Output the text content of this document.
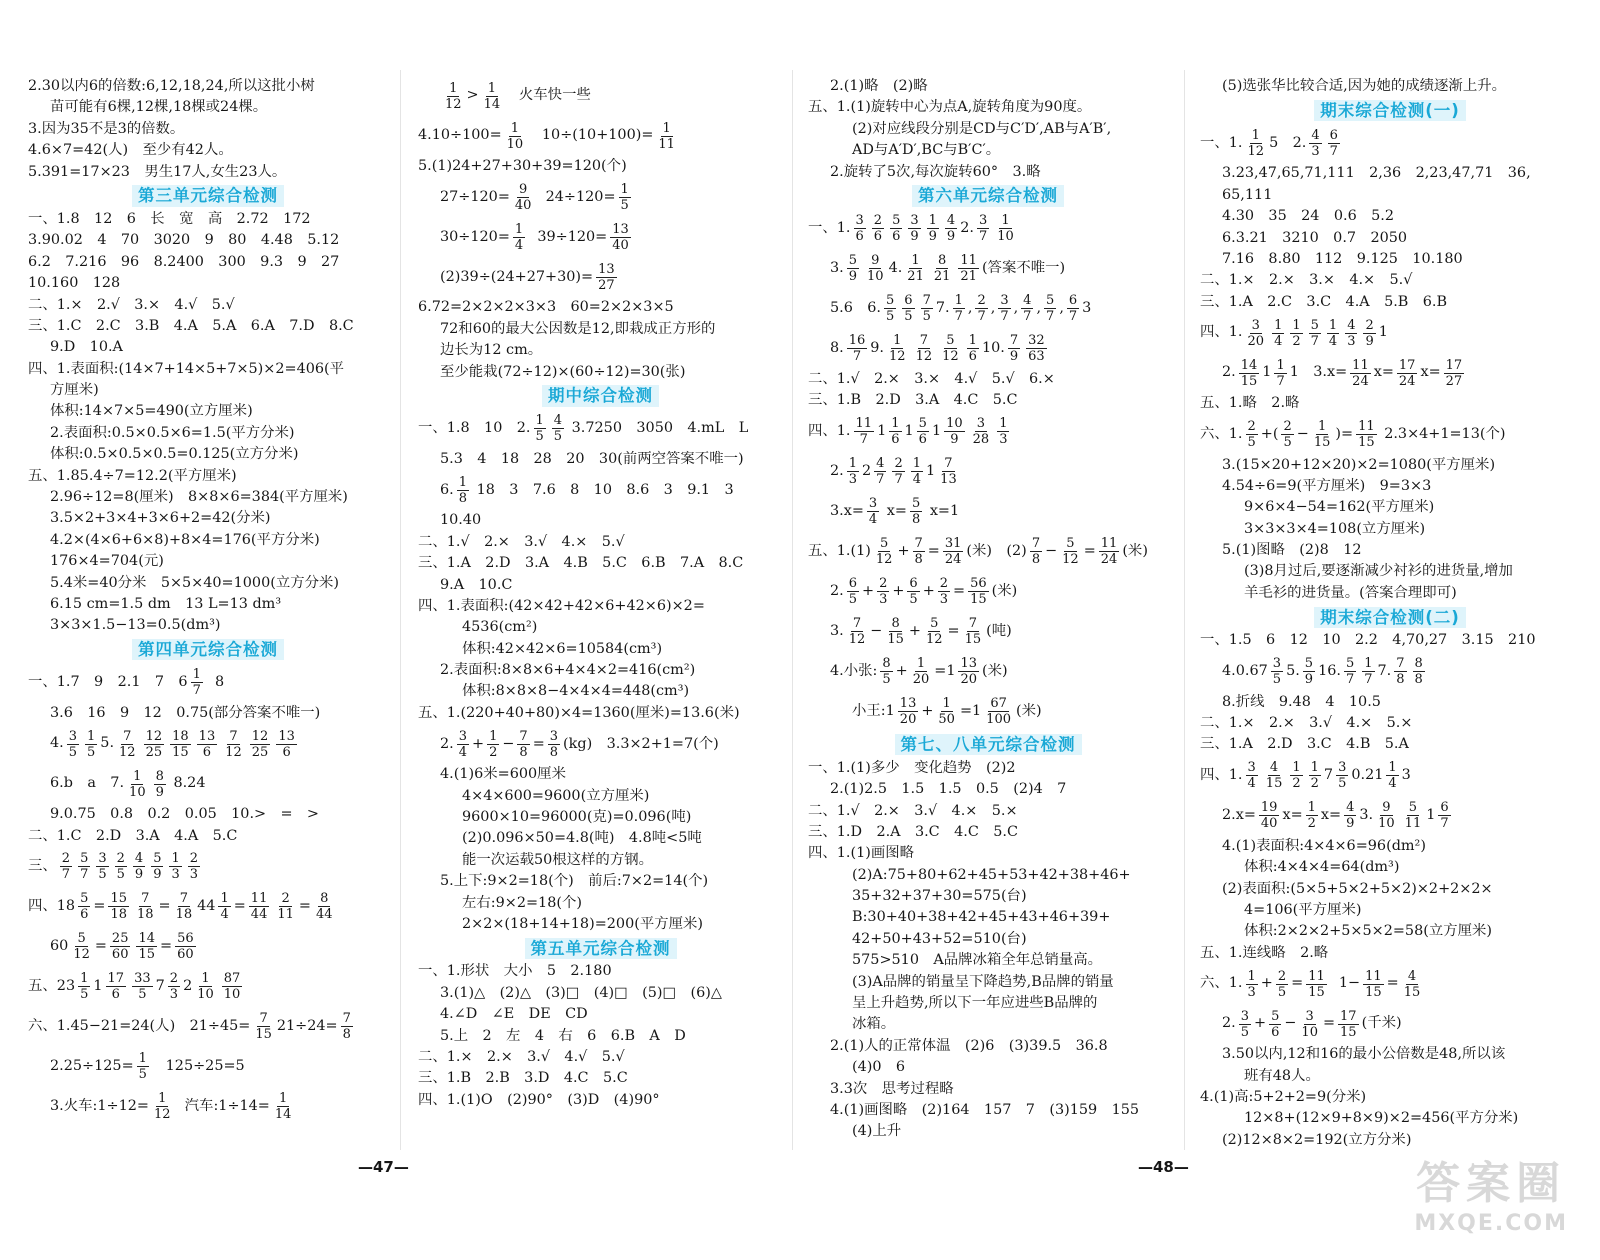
2.30以内6的倍数:6,12,18,24,所以这批小树
苗可能有6棵,12棵,18棵或24棵。
3.因为35不是3的倍数。
4.6×7=42(人)　至少有42人。
5.391=17×23　男生17人,女生23人。
第三单元综合检测
一、1.8　12　6　长　宽　高　2.72　172
3.90.02　4　70　3020　9　80　4.48　5.12
6.2　7.216　96　8.2400　300　9.3　9　27
10.160　128
二、1.×　2.√　3.×　4.√　5.√
三、1.C　2.C　3.B　4.A　5.A　6.A　7.D　8.C
9.D　10.A
四、1.表面积:(14×7+14×5+7×5)×2=406(平
方厘米)
体积:14×7×5=490(立方厘米)
2.表面积:0.5×0.5×6=1.5(平方分米)
体积:0.5×0.5×0.5=0.125(立方分米)
五、1.85.4÷7=12.2(平方厘米)
2.96÷12=8(厘米)　8×8×6=384(平方厘米)
3.5×2+3×4+3×6+2=42(分米)
4.2×(4×6+6×8)+8×4=176(平方分米)
176×4=704(元)
5.4米=40分米　5×5×40=1000(立方分米)
6.15 cm=1.5 dm　13 L=13 dm³
3×3×1.5−13=0.5(dm³)
第四单元综合检测
一、1.7　9　2.1　7　$6 \frac{1}{7}$
8
3.6　16　9　12　0.75(部分答案不唯一)
4. $\frac{3}{5} \frac{1}{5} 5$. $\frac{7}{12} \frac{12}{25} \frac{18}{15} \frac{13}{6} \frac{7}{12} \frac{12}{25} \frac{13}{6}$
6.b　a　7. $\frac{1}{10} \frac{8}{9}$
8.24
9.0.75　0.8　0.2　0.05　10.>　=　>
二、1.C　2.D　3.A　4.A　5.C
三、 $\frac{2}{7} \frac{5}{7} \frac{3}{5} \frac{2}{5} \frac{4}{9} \frac{5}{9} \frac{1}{3} \frac{2}{3}$
四、$18 \frac{5}{6} = \frac{15}{18} \frac{7}{18} = \frac{7}{18} 44 \frac{1}{4} = \frac{11}{44} \frac{2}{11} = \frac{8}{44}$
$60 \frac{5}{12} = \frac{25}{60} \frac{14}{15} = \frac{56}{60}$
五、2 $3 \frac{1}{5} 1 \frac{17}{6} \frac{33}{5} 7 \frac{2}{3} 2 \frac{1}{10} \frac{87}{10}$
六、1.45−21=24(人)　$21\div 45= \frac{7}{15} 21\div 24= \frac{7}{8}$
$2.25\div 125= \frac{1}{5}$
125÷25=5
3.火车:1÷12= $\frac{1}{12}$
汽车:1÷14= $\frac{1}{14}$
$\frac{1}{12} > \frac{1}{14}$
火车快一些
$4.10\div 100= \frac{1}{10}$
$10\div(10+100)= \frac{1}{11}$
5.(1)24+27+30+39=120(个)
$27\div 120= \frac{9}{40}$
$24\div 120= \frac{1}{5}$
$30\div 120= \frac{1}{4}$
$39\div 120= \frac{13}{40}$
$(2)39\div(24+27+30)= \frac{13}{27}$
6.72=2×2×2×3×3　60=2×2×3×5
72和60的最大公因数是12,即栽成正方形的
边长为12 cm。
至少能栽(72÷12)×(60÷12)=30(张)
期中综合检测
一、1.8　10　2. $\frac{1}{5} \frac{4}{5}$
3.7250　3050　4.mL　L
5.3　4　18　28　20　30(前两空答案不唯一)
6. $\frac{1}{8}$
18　3　7.6　8　10　8.6　3　9.1　3
10.40
二、1.√　2.×　3.√　4.×　5.√
三、1.A　2.D　3.A　4.B　5.C　6.B　7.A　8.C
9.A　10.C
四、1.表面积:(42×42+42×6+42×6)×2=
4536(cm²)
体积:42×42×6=10584(cm³)
2.表面积:8×8×6+4×4×2=416(cm²)
体积:8×8×8−4×4×4=448(cm³)
五、1.(220+40+80)×4=1360(厘米)=13.6(米)
2. $\frac{3}{4} + \frac{1}{2} - \frac{7}{8} = \frac{3}{8} (kg)$　3.3×2+1=7(个)
4.(1)6米=600厘米
4×4×600=9600(立方厘米)
9600×10=96000(克)=0.096(吨)
(2)0.096×50=4.8(吨)　4.8吨<5吨
能一次运载50根这样的方钢。
5.上下:9×2=18(个)　前后:7×2=14(个)
左右:9×2=18(个)
2×2×(18+14+18)=200(平方厘米)
第五单元综合检测
一、1.形状　大小　5　2.180
3.(1)△　(2)△　(3)□　(4)□　(5)□　(6)△
4.∠D　∠E　DE　CD
5.上　2　左　4　右　6　6.B　A　D
二、1.×　2.×　3.√　4.√　5.√
三、1.B　2.B　3.D　4.C　5.C
四、1.(1)O　(2)90°　(3)D　(4)90°
2.(1)略　(2)略
五、1.(1)旋转中心为点A,旋转角度为90度。
(2)对应线段分别是CD与C′D′,AB与A′B′,
AD与A′D′,BC与B′C′。
2.旋转了5次,每次旋转60°　3.略
第六单元综合检测
一、1. $\frac{3}{6} \frac{2}{6} \frac{5}{6} \frac{3}{9} \frac{1}{9} \frac{4}{9} 2$. $\frac{3}{7} \frac{1}{10}$
3. $\frac{5}{9} \frac{9}{10} 4$. $\frac{1}{21} \frac{8}{21} \frac{11}{21}$ (答案不唯一)
5.6　6. $\frac{5}{5} \frac{6}{5} \frac{7}{5} 7$. $\frac{1}{7}$ , $\frac{2}{7}$ , $\frac{3}{7}$ , $\frac{4}{7}$ , $\frac{5}{7}$ , $\frac{6}{7} 3$
8. $\frac{16}{7} 9$. $\frac{1}{12} \frac{7}{12} \frac{5}{12} \frac{1}{6} 10$. $\frac{7}{9} \frac{32}{63}$
二、1.√　2.×　3.×　4.√　5.√　6.×
三、1.B　2.D　3.A　4.C　5.C
四、1. $\frac{11}{7} 1 \frac{1}{6} 1 \frac{5}{6} 1 \frac{10}{9} \frac{3}{28} \frac{1}{3}$
2. $\frac{1}{3} 2 \frac{4}{7} \frac{2}{7} \frac{1}{4} 1 \frac{7}{13}$
$3.x= \frac{3}{4}$
$x= \frac{5}{8}$
x=1
五、$1.(1) \frac{5}{12} + \frac{7}{8} = \frac{31}{24}$ (米)　$(2) \frac{7}{8} - \frac{5}{12} = \frac{11}{24}$ (米)
2. $\frac{6}{5} + \frac{2}{3} + \frac{6}{5} + \frac{2}{3} = \frac{56}{15}$ (米)
3. $\frac{7}{12} - \frac{8}{15} + \frac{5}{12} = \frac{7}{15}$ (吨)
4.小张: $\frac{8}{5} + \frac{1}{20} =1 \frac{13}{20}$ (米)
小王:1 $\frac{13}{20} + \frac{1}{50} =1 \frac{67}{100}$ (米)
第七、八单元综合检测
一、1.(1)多少　变化趋势　(2)2
2.(1)2.5　1.5　1.5　0.5　(2)4　7
二、1.√　2.×　3.√　4.×　5.×
三、1.D　2.A　3.C　4.C　5.C
四、1.(1)画图略
(2)A:75+80+62+45+53+42+38+46+
35+32+37+30=575(台)
B:30+40+38+42+45+43+46+39+
42+50+43+52=510(台)
575>510　A品牌冰箱全年总销量高。
(3)A品牌的销量呈下降趋势,B品牌的销量
呈上升趋势,所以下一年应进些B品牌的
冰箱。
2.(1)人的正常体温　(2)6　(3)39.5　36.8
(4)0　6
3.3次　思考过程略
4.(1)画图略　(2)164　157　7　(3)159　155
(4)上升
(5)选张华比较合适,因为她的成绩逐渐上升。
期末综合检测(一)
一、1. $\frac{1}{12} 5$　2. $\frac{4}{3} \frac{6}{7}$
3.23,47,65,71,111　2,36　2,23,47,71　36,
65,111
4.30　35　24　0.6　5.2
6.3.21　3210　0.7　2050
7.16　8.80　112　9.125　10.180
二、1.×　2.×　3.×　4.×　5.√
三、1.A　2.C　3.C　4.A　5.B　6.B
四、1. $\frac{3}{20} \frac{1}{4} \frac{1}{2} \frac{5}{7} \frac{1}{4} \frac{4}{3} \frac{2}{9} 1$
2. $\frac{14}{15} 1 \frac{1}{7} 1$　$3.x= \frac{11}{24} x= \frac{17}{24} x= \frac{17}{27}$
五、1.略　2.略
六、1. $\frac{2}{5}$ +( $\frac{2}{5} - \frac{1}{15}$ )= $\frac{11}{15}$
2.3×4+1=13(个)
3.(15×20+12×20)×2=1080(平方厘米)
4.54÷6=9(平方厘米)　9=3×3
9×6×4−54=162(平方厘米)
3×3×3×4=108(立方厘米)
5.(1)图略　(2)8　12
(3)8月过后,要逐渐减少衬衫的进货量,增加
羊毛衫的进货量。(答案合理即可)
期末综合检测(二)
一、1.5　6　12　10　2.2　4,70,27　3.15　210
$4.0.67 \frac{3}{5} 5$. $\frac{5}{9} 1$ 6. $\frac{5}{7} \frac{1}{7} 7$. $\frac{7}{8} \frac{8}{8}$
8.折线　9.48　4　10.5
二、1.×　2.×　3.√　4.×　5.×
三、1.A　2.D　3.C　4.B　5.A
四、1. $\frac{3}{4} \frac{4}{15} \frac{1}{2} \frac{1}{2} 7 \frac{3}{5} 0.21 \frac{1}{4} 3$
$2.x= \frac{19}{40} x= \frac{1}{2} x= \frac{4}{9} 3$. $\frac{9}{10} \frac{5}{11} 1 \frac{6}{7}$
4.(1)表面积:4×4×6=96(dm²)
体积:4×4×4=64(dm³)
(2)表面积:(5×5+5×2+5×2)×2+2×2×
4=106(平方厘米)
体积:2×2×2+5×5×2=58(立方厘米)
五、1.连线略　2.略
六、1. $\frac{1}{3} + \frac{2}{5} = \frac{11}{15}$
$1- \frac{11}{15} = \frac{4}{15}$
2. $\frac{3}{5} + \frac{5}{6} - \frac{3}{10} = \frac{17}{15}$ (千米)
3.50以内,12和16的最小公倍数是48,所以该
班有48人。
4.(1)高:5+2+2=9(分米)
12×8+(12×9+8×9)×2=456(平方分米)
(2)12×8×2=192(立方分米)
—47—	—48—	答案圈
MXQE.COM
